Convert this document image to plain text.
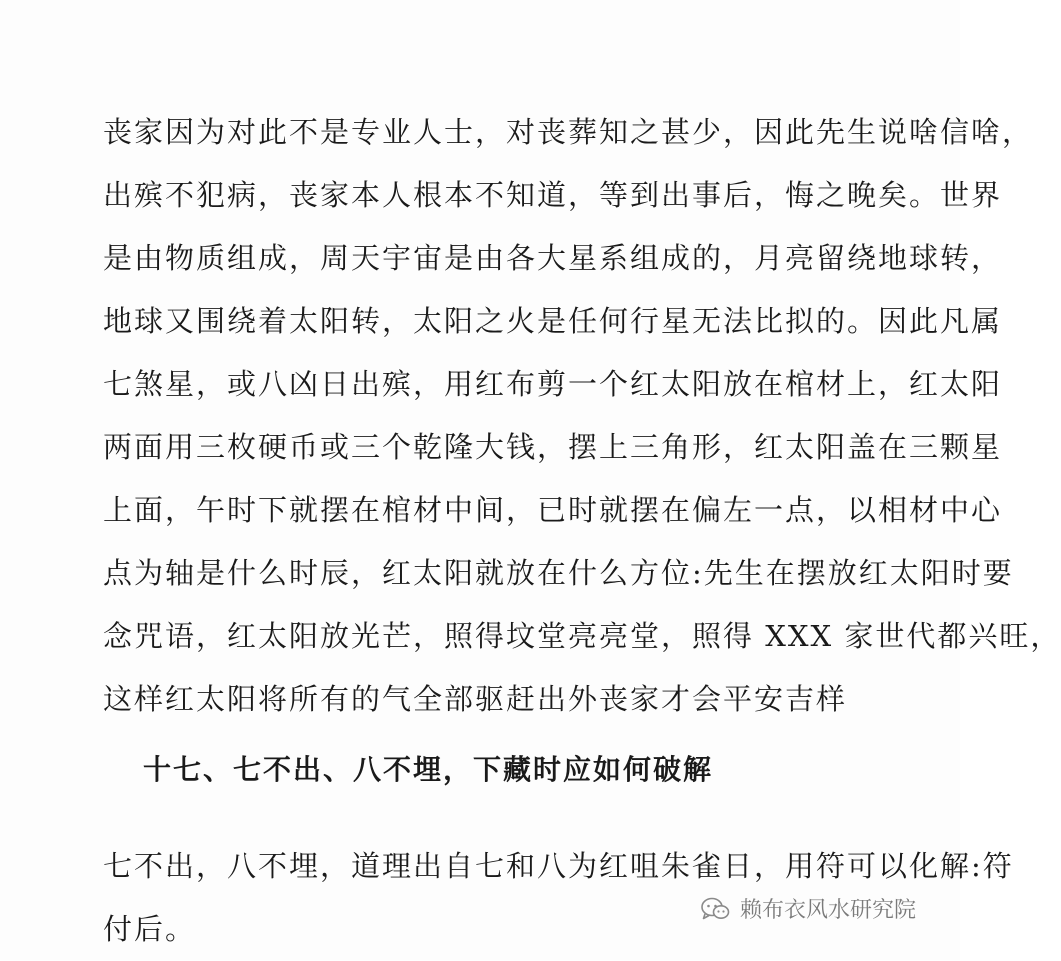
丧家因为对此不是专业人士，对丧葬知之甚少，因此先生说啥信啥，
出殡不犯病，丧家本人根本不知道，等到出事后，悔之晚矣。世界
是由物质组成，周天宇宙是由各大星系组成的，月亮留绕地球转，
地球又围绕着太阳转，太阳之火是任何行星无法比拟的。因此凡属
七煞星，或八凶日出殡，用红布剪一个红太阳放在棺材上，红太阳
两面用三枚硬币或三个乾隆大钱，摆上三角形，红太阳盖在三颗星
上面，午时下就摆在棺材中间，已时就摆在偏左一点，以相材中心
点为轴是什么时辰，红太阳就放在什么方位:先生在摆放红太阳时要
念咒语，红太阳放光芒，照得坟堂亮亮堂，照得 XXX 家世代都兴旺，
这样红太阳将所有的气全部驱赶出外丧家才会平安吉样
十七、七不出、八不埋，下藏时应如何破解
七不出，八不埋，道理出自七和八为红咀朱雀日，用符可以化解:符
付后。
赖布衣风水研究院
